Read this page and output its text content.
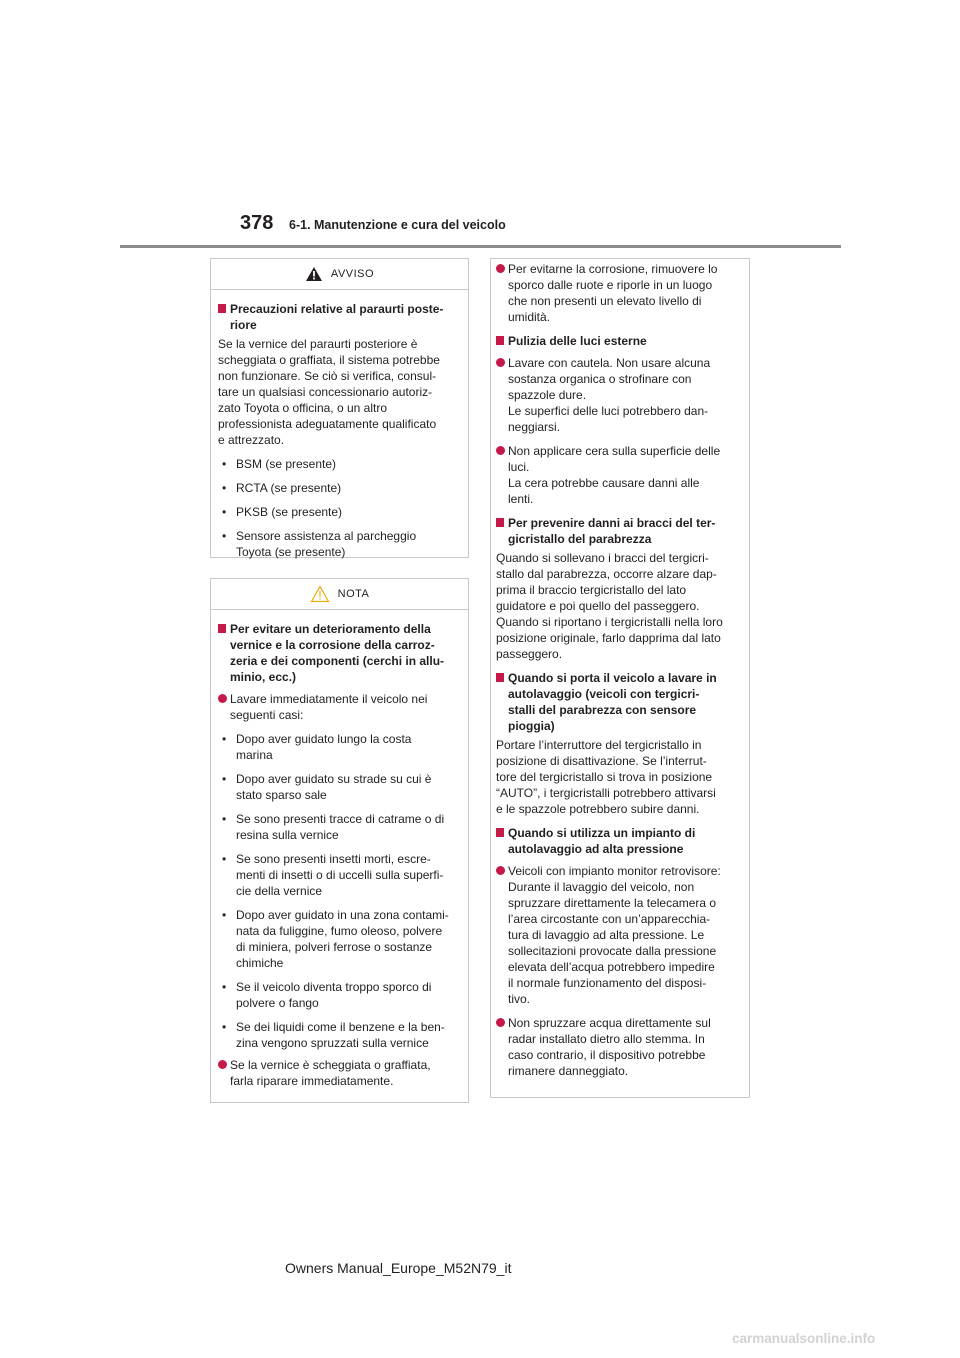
378 6-1. Manutenzione e cura del veicolo
AVVISO
Precauzioni relative al paraurti poste-
riore
Se la vernice del paraurti posteriore è
scheggiata o graffiata, il sistema potrebbe
non funzionare. Se ciò si verifica, consul-
tare un qualsiasi concessionario autoriz-
zato Toyota o officina, o un altro
professionista adeguatamente qualificato
e attrezzato.
• BSM (se presente)
• RCTA (se presente)
• PKSB (se presente)
• Sensore assistenza al parcheggio
Toyota (se presente)
NOTA
Per evitare un deterioramento della
vernice e la corrosione della carroz-
zeria e dei componenti (cerchi in allu-
minio, ecc.)
Lavare immediatamente il veicolo nei
seguenti casi:
• Dopo aver guidato lungo la costa
marina
• Dopo aver guidato su strade su cui è
stato sparso sale
• Se sono presenti tracce di catrame o di
resina sulla vernice
• Se sono presenti insetti morti, escre-
menti di insetti o di uccelli sulla superfi-
cie della vernice
• Dopo aver guidato in una zona contami-
nata da fuliggine, fumo oleoso, polvere
di miniera, polveri ferrose o sostanze
chimiche
• Se il veicolo diventa troppo sporco di
polvere o fango
• Se dei liquidi come il benzene e la ben-
zina vengono spruzzati sulla vernice
Se la vernice è scheggiata o graffiata,
farla riparare immediatamente.
Per evitarne la corrosione, rimuovere lo
sporco dalle ruote e riporle in un luogo
che non presenti un elevato livello di
umidità.
Pulizia delle luci esterne
Lavare con cautela. Non usare alcuna
sostanza organica o strofinare con
spazzole dure.
Le superfici delle luci potrebbero dan-
neggiarsi.
Non applicare cera sulla superficie delle
luci.
La cera potrebbe causare danni alle
lenti.
Per prevenire danni ai bracci del ter-
gicristallo del parabrezza
Quando si sollevano i bracci del tergicri-
stallo dal parabrezza, occorre alzare dap-
prima il braccio tergicristallo del lato
guidatore e poi quello del passeggero.
Quando si riportano i tergicristalli nella loro
posizione originale, farlo dapprima dal lato
passeggero.
Quando si porta il veicolo a lavare in
autolavaggio (veicoli con tergicri-
stalli del parabrezza con sensore
pioggia)
Portare l’interruttore del tergicristallo in
posizione di disattivazione. Se l’interrut-
tore del tergicristallo si trova in posizione
“AUTO”, i tergicristalli potrebbero attivarsi
e le spazzole potrebbero subire danni.
Quando si utilizza un impianto di
autolavaggio ad alta pressione
Veicoli con impianto monitor retrovisore:
Durante il lavaggio del veicolo, non
spruzzare direttamente la telecamera o
l’area circostante con un’apparecchia-
tura di lavaggio ad alta pressione. Le
sollecitazioni provocate dalla pressione
elevata dell’acqua potrebbero impedire
il normale funzionamento del disposi-
tivo.
Non spruzzare acqua direttamente sul
radar installato dietro allo stemma. In
caso contrario, il dispositivo potrebbe
rimanere danneggiato.
Owners Manual_Europe_M52N79_it
carmanualsonline.info
